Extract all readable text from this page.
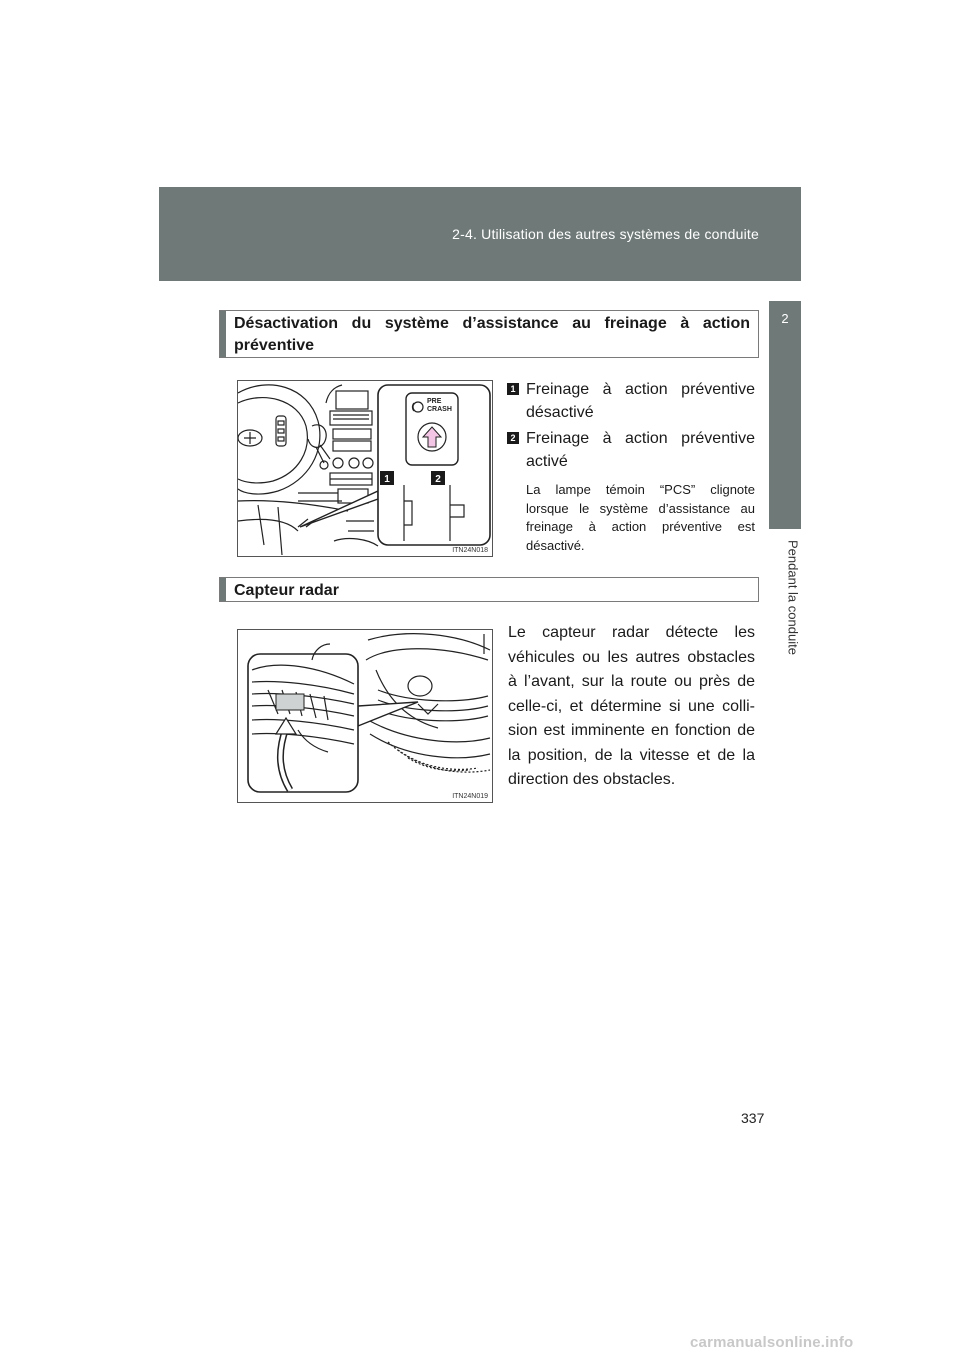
2-4. Utilisation des autres systèmes de conduite
2
Pendant la conduite
Désactivation du système d’assistance au freinage à action préventive
PRE
CRASH
1	2
ITN24N018
1 Freinage à action préventive
désactivé
2 Freinage à action préventive
activé
La lampe témoin “PCS” clignote lorsque le système d’assistance au freinage à action préventive est désactivé.
Capteur radar
ITN24N019
Le capteur radar détecte les véhicules ou les autres obstacles à l’avant, sur la route ou près de celle-ci, et détermine si une colli-sion est imminente en fonction de la position, de la vitesse et de la direction des obstacles.
337
carmanualsonline.info
